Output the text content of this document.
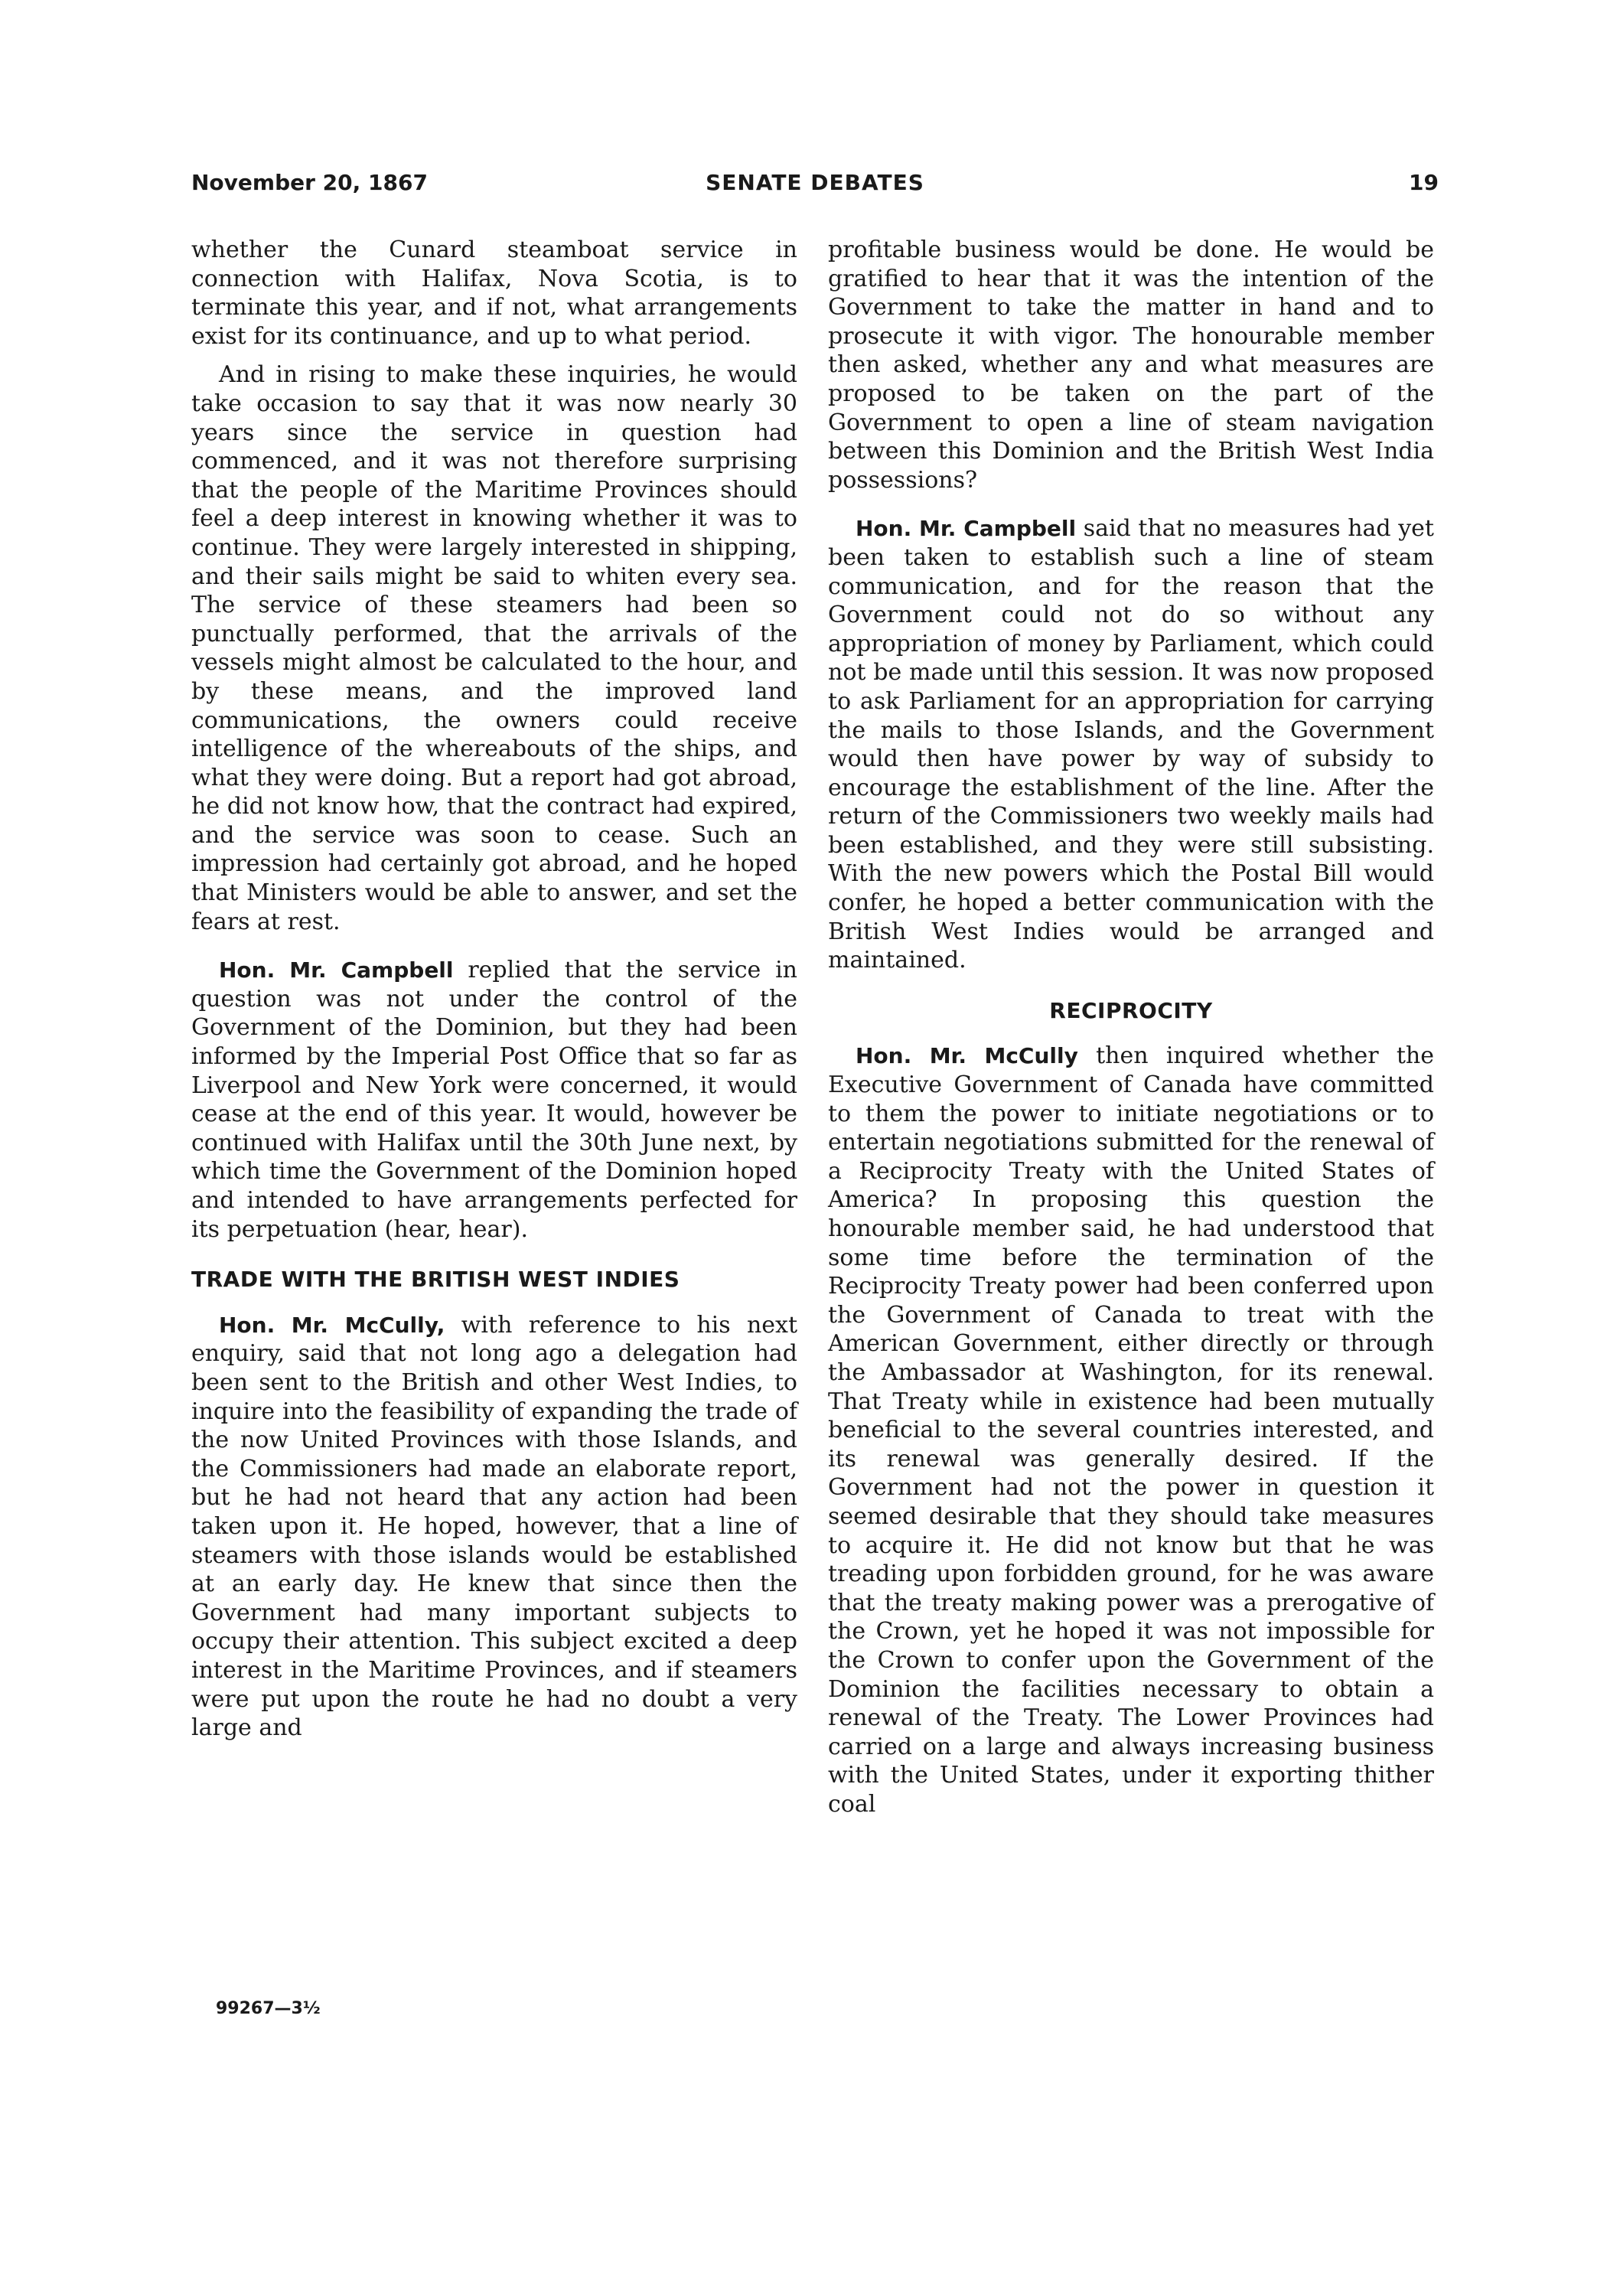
November 20, 1867	SENATE DEBATES	19

whether the Cunard steamboat service in connection with Halifax, Nova Scotia, is to terminate this year, and if not, what arrangements exist for its continuance, and up to what period.

And in rising to make these inquiries, he would take occasion to say that it was now nearly 30 years since the service in question had commenced, and it was not therefore surprising that the people of the Maritime Provinces should feel a deep interest in knowing whether it was to continue. They were largely interested in shipping, and their sails might be said to whiten every sea. The service of these steamers had been so punctually performed, that the arrivals of the vessels might almost be calculated to the hour, and by these means, and the improved land communications, the owners could receive intelligence of the whereabouts of the ships, and what they were doing. But a report had got abroad, he did not know how, that the contract had expired, and the service was soon to cease. Such an impression had certainly got abroad, and he hoped that Ministers would be able to answer, and set the fears at rest.

Hon. Mr. Campbell replied that the service in question was not under the control of the Government of the Dominion, but they had been informed by the Imperial Post Office that so far as Liverpool and New York were concerned, it would cease at the end of this year. It would, however be continued with Halifax until the 30th June next, by which time the Government of the Dominion hoped and intended to have arrangements perfected for its perpetuation (hear, hear).

TRADE WITH THE BRITISH WEST INDIES

Hon. Mr. McCully, with reference to his next enquiry, said that not long ago a delegation had been sent to the British and other West Indies, to inquire into the feasibility of expanding the trade of the now United Provinces with those Islands, and the Commissioners had made an elaborate report, but he had not heard that any action had been taken upon it. He hoped, however, that a line of steamers with those islands would be established at an early day. He knew that since then the Government had many important subjects to occupy their attention. This subject excited a deep interest in the Maritime Provinces, and if steamers were put upon the route he had no doubt a very large and

profitable business would be done. He would be gratified to hear that it was the intention of the Government to take the matter in hand and to prosecute it with vigor. The honourable member then asked, whether any and what measures are proposed to be taken on the part of the Government to open a line of steam navigation between this Dominion and the British West India possessions?

Hon. Mr. Campbell said that no measures had yet been taken to establish such a line of steam communication, and for the reason that the Government could not do so without any appropriation of money by Parliament, which could not be made until this session. It was now proposed to ask Parliament for an appropriation for carrying the mails to those Islands, and the Government would then have power by way of subsidy to encourage the establishment of the line. After the return of the Commissioners two weekly mails had been established, and they were still subsisting. With the new powers which the Postal Bill would confer, he hoped a better communication with the British West Indies would be arranged and maintained.

RECIPROCITY

Hon. Mr. McCully then inquired whether the Executive Government of Canada have committed to them the power to initiate negotiations or to entertain negotiations submitted for the renewal of a Reciprocity Treaty with the United States of America? In proposing this question the honourable member said, he had understood that some time before the termination of the Reciprocity Treaty power had been conferred upon the Government of Canada to treat with the American Government, either directly or through the Ambassador at Washington, for its renewal. That Treaty while in existence had been mutually beneficial to the several countries interested, and its renewal was generally desired. If the Government had not the power in question it seemed desirable that they should take measures to acquire it. He did not know but that he was treading upon forbidden ground, for he was aware that the treaty making power was a prerogative of the Crown, yet he hoped it was not impossible for the Crown to confer upon the Government of the Dominion the facilities necessary to obtain a renewal of the Treaty. The Lower Provinces had carried on a large and always increasing business with the United States, under it exporting thither coal

99267—3½
